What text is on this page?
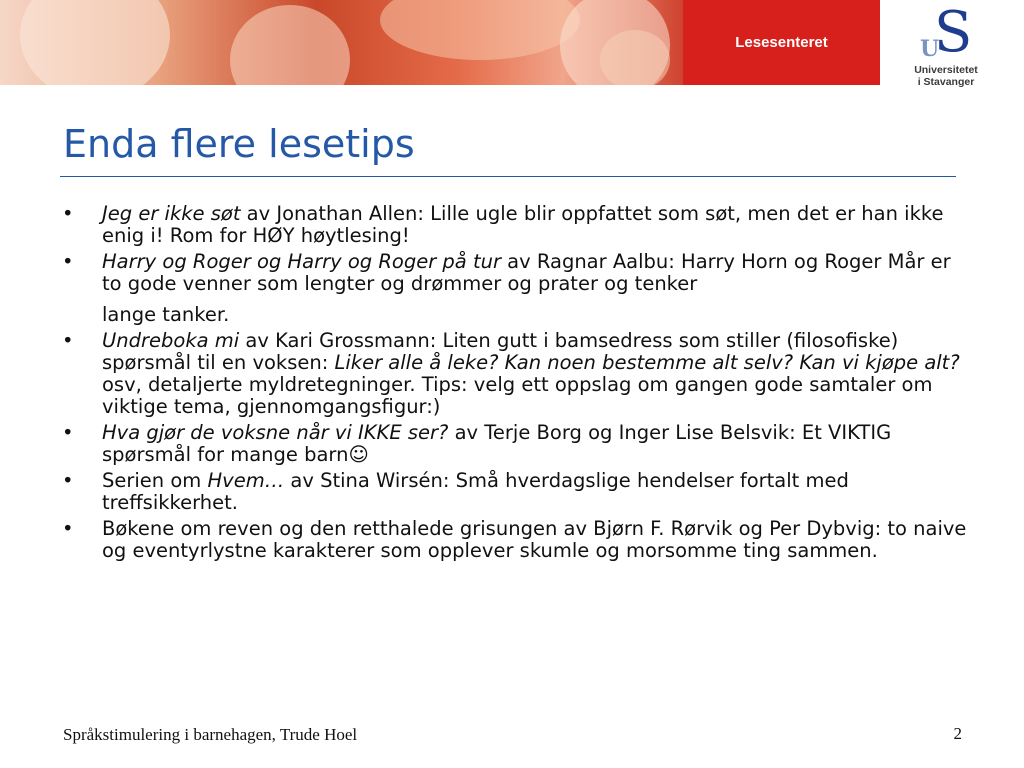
Lesesenteret	U
S
Universitetet
i Stavanger
Enda flere lesetips
•	Jeg er ikke søt av Jonathan Allen: Lille ugle blir oppfattet som søt, men det er han ikke enig i! Rom for HØY høytlesing!
•	Harry og Roger og Harry og Roger på tur av Ragnar Aalbu: Harry Horn og Roger Mår er to gode venner som lengter og drømmer og prater og tenker
lange tanker.
•	Undreboka mi av Kari Grossmann: Liten gutt i bamsedress som stiller (filosofiske) spørsmål til en voksen: Liker alle å leke? Kan noen bestemme alt selv? Kan vi kjøpe alt? osv, detaljerte myldretegninger. Tips: velg ett oppslag om gangen gode samtaler om viktige tema, gjennomgangsfigur:)
•	Hva gjør de voksne når vi IKKE ser? av Terje Borg og Inger Lise Belsvik: Et VIKTIG spørsmål for mange barn☺
•	Serien om Hvem… av Stina Wirsén: Små hverdagslige hendelser fortalt med treffsikkerhet.
•	Bøkene om reven og den retthalede grisungen av Bjørn F. Rørvik og Per Dybvig: to naive og eventyrlystne karakterer som opplever skumle og morsomme ting sammen.
Språkstimulering i barnehagen, Trude Hoel	2
